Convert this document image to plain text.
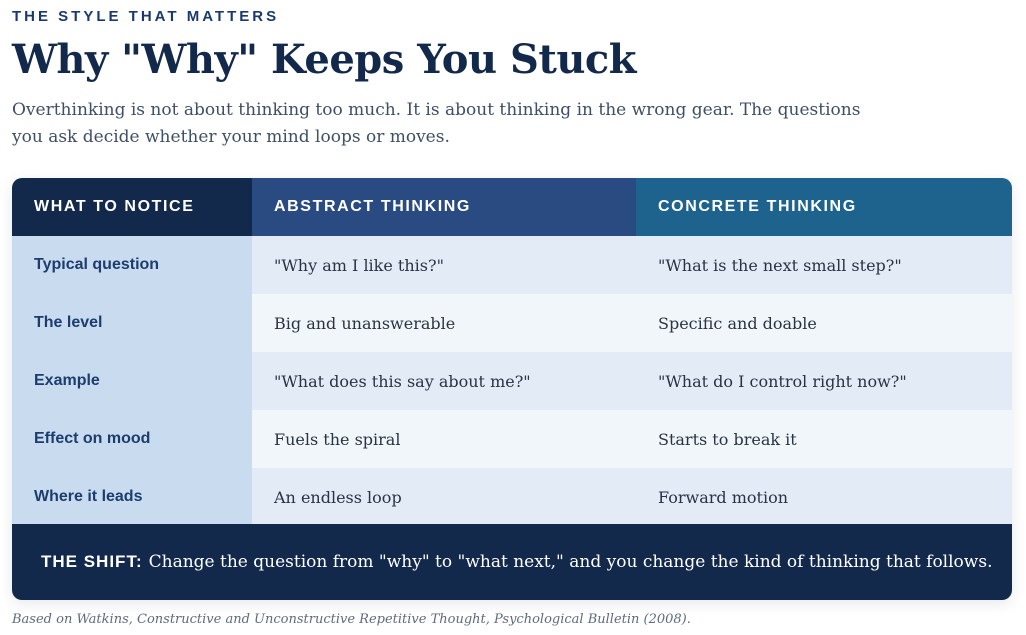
THE STYLE THAT MATTERS
Why "Why" Keeps You Stuck

Overthinking is not about thinking too much. It is about thinking in the wrong gear. The questions you ask decide whether your mind loops or moves.

WHAT TO NOTICE	ABSTRACT THINKING	CONCRETE THINKING
Typical question	"Why am I like this?"	"What is the next small step?"
The level	Big and unanswerable	Specific and doable
Example	"What does this say about me?"	"What do I control right now?"
Effect on mood	Fuels the spiral	Starts to break it
Where it leads	An endless loop	Forward motion
THE SHIFT: Change the question from "why" to "what next," and you change the kind of thinking that follows.
Based on Watkins, Constructive and Unconstructive Repetitive Thought, Psychological Bulletin (2008).
